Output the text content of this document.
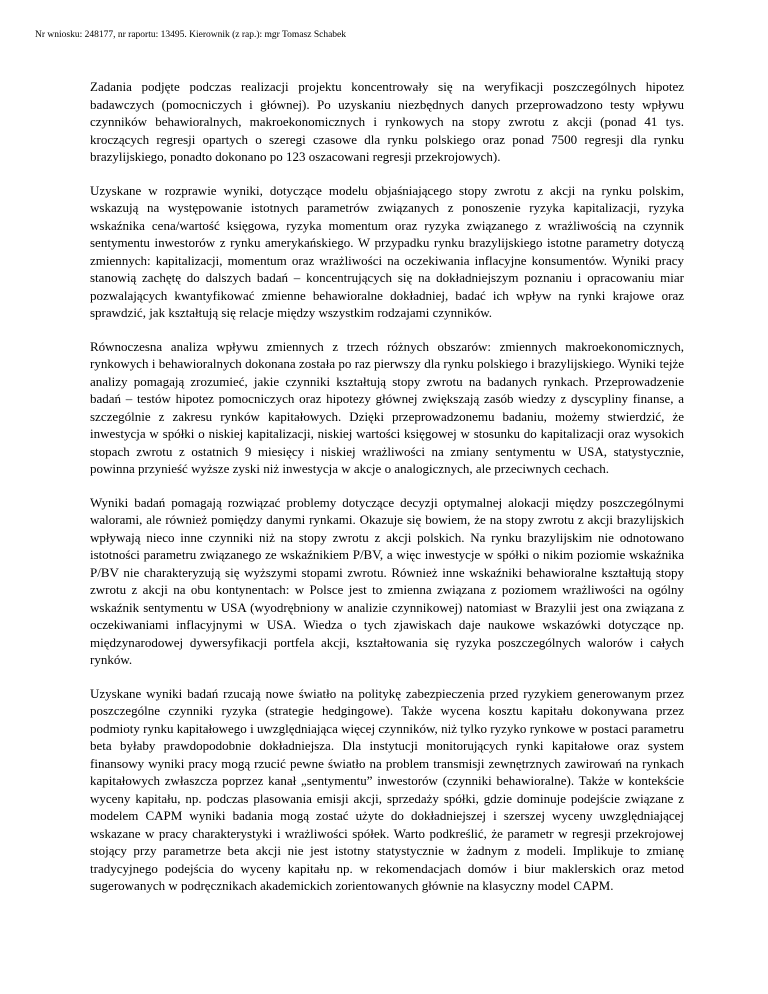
Nr wniosku: 248177, nr raportu: 13495. Kierownik (z rap.): mgr Tomasz Schabek

Zadania podjęte podczas realizacji projektu koncentrowały się na weryfikacji poszczególnych hipotez badawczych (pomocniczych i głównej). Po uzyskaniu niezbędnych danych przeprowadzono testy wpływu czynników behawioralnych, makroekonomicznych i rynkowych na stopy zwrotu z akcji (ponad 41 tys. kroczących regresji opartych o szeregi czasowe dla rynku polskiego oraz ponad 7500 regresji dla rynku brazylijskiego, ponadto dokonano po 123 oszacowani regresji przekrojowych).

Uzyskane w rozprawie wyniki, dotyczące modelu objaśniającego stopy zwrotu z akcji na rynku polskim, wskazują na występowanie istotnych parametrów związanych z ponoszenie ryzyka kapitalizacji, ryzyka wskaźnika cena/wartość księgowa, ryzyka momentum oraz ryzyka związanego z wrażliwością na czynnik sentymentu inwestorów z rynku amerykańskiego. W przypadku rynku brazylijskiego istotne parametry dotyczą zmiennych: kapitalizacji, momentum oraz wrażliwości na oczekiwania inflacyjne konsumentów. Wyniki pracy stanowią zachętę do dalszych badań – koncentrujących się na dokładniejszym poznaniu i opracowaniu miar pozwalających kwantyfikować zmienne behawioralne dokładniej, badać ich wpływ na rynki krajowe oraz sprawdzić, jak kształtują się relacje między wszystkim rodzajami czynników.

Równoczesna analiza wpływu zmiennych z trzech różnych obszarów: zmiennych makroekonomicznych, rynkowych i behawioralnych dokonana została po raz pierwszy dla rynku polskiego i brazylijskiego. Wyniki tejże analizy pomagają zrozumieć, jakie czynniki kształtują stopy zwrotu na badanych rynkach. Przeprowadzenie badań – testów hipotez pomocniczych oraz hipotezy głównej zwiększają zasób wiedzy z dyscypliny finanse, a szczególnie z zakresu rynków kapitałowych. Dzięki przeprowadzonemu badaniu, możemy stwierdzić, że inwestycja w spółki o niskiej kapitalizacji, niskiej wartości księgowej w stosunku do kapitalizacji oraz wysokich stopach zwrotu z ostatnich 9 miesięcy i niskiej wrażliwości na zmiany sentymentu w USA, statystycznie, powinna przynieść wyższe zyski niż inwestycja w akcje o analogicznych, ale przeciwnych cechach.

Wyniki badań pomagają rozwiązać problemy dotyczące decyzji optymalnej alokacji między poszczególnymi walorami, ale również pomiędzy danymi rynkami. Okazuje się bowiem, że na stopy zwrotu z akcji brazylijskich wpływają nieco inne czynniki niż na stopy zwrotu z akcji polskich. Na rynku brazylijskim nie odnotowano istotności parametru związanego ze wskaźnikiem P/BV, a więc inwestycje w spółki o nikim poziomie wskaźnika P/BV nie charakteryzują się wyższymi stopami zwrotu. Również inne wskaźniki behawioralne kształtują stopy zwrotu z akcji na obu kontynentach: w Polsce jest to zmienna związana z poziomem wrażliwości na ogólny wskaźnik sentymentu w USA (wyodrębniony w analizie czynnikowej) natomiast w Brazylii jest ona związana z oczekiwaniami inflacyjnymi w USA. Wiedza o tych zjawiskach daje naukowe wskazówki dotyczące np. międzynarodowej dywersyfikacji portfela akcji, kształtowania się ryzyka poszczególnych walorów i całych rynków.

Uzyskane wyniki badań rzucają nowe światło na politykę zabezpieczenia przed ryzykiem generowanym przez poszczególne czynniki ryzyka (strategie hedgingowe). Także wycena kosztu kapitału dokonywana przez podmioty rynku kapitałowego i uwzględniająca więcej czynników, niż tylko ryzyko rynkowe w postaci parametru beta byłaby prawdopodobnie dokładniejsza. Dla instytucji monitorujących rynki kapitałowe oraz system finansowy wyniki pracy mogą rzucić pewne światło na problem transmisji zewnętrznych zawirowań na rynkach kapitałowych zwłaszcza poprzez kanał „sentymentu” inwestorów (czynniki behawioralne). Także w kontekście wyceny kapitału, np. podczas plasowania emisji akcji, sprzedaży spółki, gdzie dominuje podejście związane z modelem CAPM wyniki badania mogą zostać użyte do dokładniejszej i szerszej wyceny uwzględniającej wskazane w pracy charakterystyki i wrażliwości spółek. Warto podkreślić, że parametr w regresji przekrojowej stojący przy parametrze beta akcji nie jest istotny statystycznie w żadnym z modeli. Implikuje to zmianę tradycyjnego podejścia do wyceny kapitału np. w rekomendacjach domów i biur maklerskich oraz metod sugerowanych w podręcznikach akademickich zorientowanych głównie na klasyczny model CAPM.
